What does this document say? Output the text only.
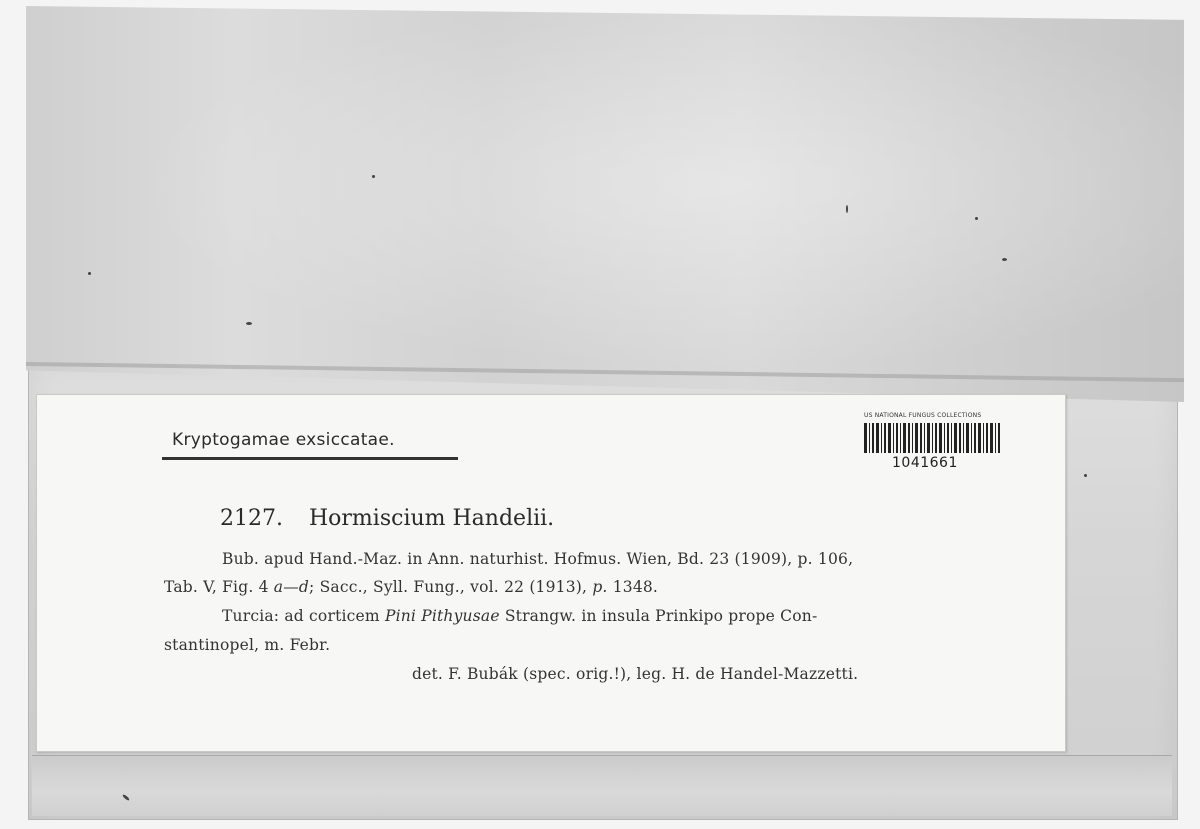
Kryptogamae exsiccatae.
US NATIONAL FUNGUS COLLECTIONS
1041661
2127. Hormiscium Handelii.
Bub. apud Hand.-Maz. in Ann. naturhist. Hofmus. Wien, Bd. 23 (1909), p. 106,
Tab. V, Fig. 4 a—d; Sacc., Syll. Fung., vol. 22 (1913), p. 1348.
Turcia: ad corticem Pini Pithyusae Strangw. in insula Prinkipo prope Con-
stantinopel, m. Febr.
det. F. Bubák (spec. orig.!), leg. H. de Handel-Mazzetti.
